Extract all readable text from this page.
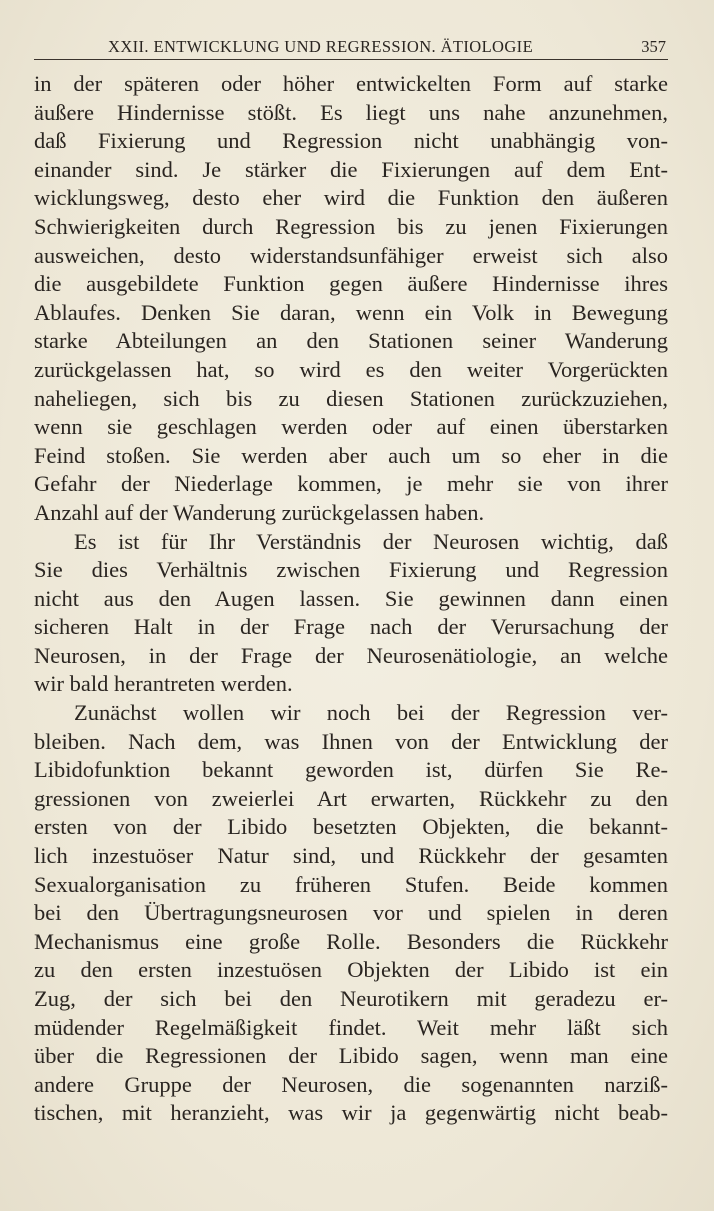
XXII. ENTWICKLUNG UND REGRESSION. ÄTIOLOGIE	357
in der späteren oder höher entwickelten Form auf starke
äußere Hindernisse stößt. Es liegt uns nahe anzunehmen,
daß Fixierung und Regression nicht unabhängig von-
einander sind. Je stärker die Fixierungen auf dem Ent-
wicklungsweg, desto eher wird die Funktion den äußeren
Schwierigkeiten durch Regression bis zu jenen Fixierungen
ausweichen, desto widerstandsunfähiger erweist sich also
die ausgebildete Funktion gegen äußere Hindernisse ihres
Ablaufes. Denken Sie daran, wenn ein Volk in Bewegung
starke Abteilungen an den Stationen seiner Wanderung
zurückgelassen hat, so wird es den weiter Vorgerückten
naheliegen, sich bis zu diesen Stationen zurückzuziehen,
wenn sie geschlagen werden oder auf einen überstarken
Feind stoßen. Sie werden aber auch um so eher in die
Gefahr der Niederlage kommen, je mehr sie von ihrer
Anzahl auf der Wanderung zurückgelassen haben.
Es ist für Ihr Verständnis der Neurosen wichtig, daß
Sie dies Verhältnis zwischen Fixierung und Regression
nicht aus den Augen lassen. Sie gewinnen dann einen
sicheren Halt in der Frage nach der Verursachung der
Neurosen, in der Frage der Neurosenätiologie, an welche
wir bald herantreten werden.
Zunächst wollen wir noch bei der Regression ver-
bleiben. Nach dem, was Ihnen von der Entwicklung der
Libidofunktion bekannt geworden ist, dürfen Sie Re-
gressionen von zweierlei Art erwarten, Rückkehr zu den
ersten von der Libido besetzten Objekten, die bekannt-
lich inzestuöser Natur sind, und Rückkehr der gesamten
Sexualorganisation zu früheren Stufen. Beide kommen
bei den Übertragungsneurosen vor und spielen in deren
Mechanismus eine große Rolle. Besonders die Rückkehr
zu den ersten inzestuösen Objekten der Libido ist ein
Zug, der sich bei den Neurotikern mit geradezu er-
müdender Regelmäßigkeit findet. Weit mehr läßt sich
über die Regressionen der Libido sagen, wenn man eine
andere Gruppe der Neurosen, die sogenannten narziß-
tischen, mit heranzieht, was wir ja gegenwärtig nicht beab-
